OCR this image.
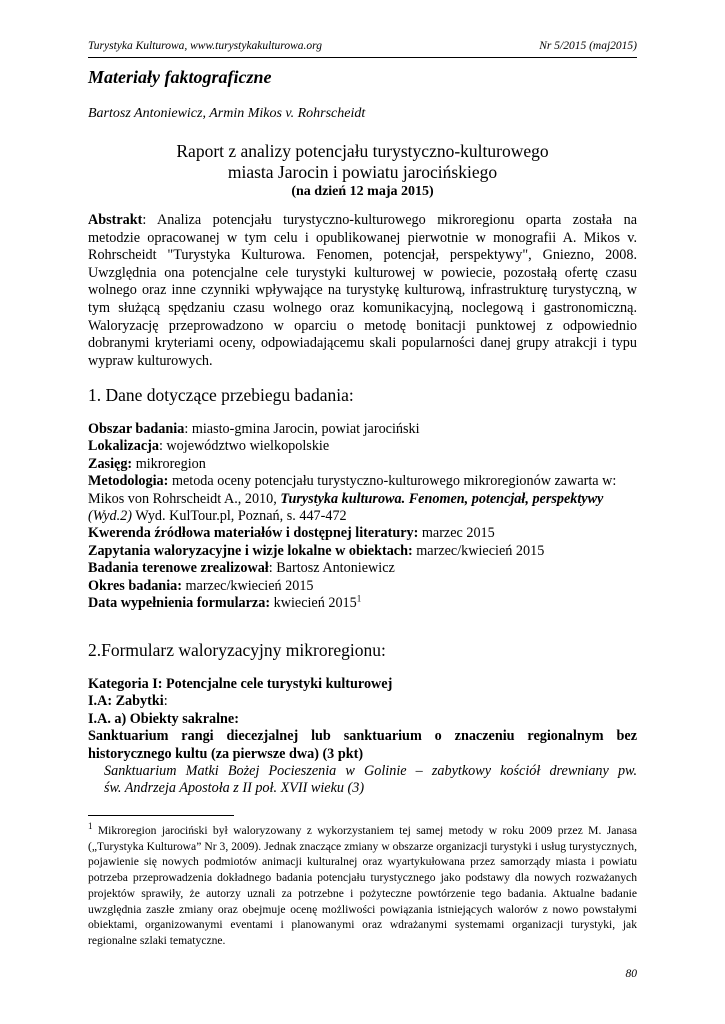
Turystyka Kulturowa, www.turystykakulturowa.org	Nr 5/2015 (maj2015)
Materiały faktograficzne

Bartosz Antoniewicz, Armin Mikos v. Rohrscheidt

Raport z analizy potencjału turystyczno-kulturowego
miasta Jarocin i powiatu jarocińskiego
(na dzień 12 maja 2015)

Abstrakt: Analiza potencjału turystyczno-kulturowego mikroregionu oparta została na metodzie opracowanej w tym celu i opublikowanej pierwotnie w monografii A. Mikos v. Rohrscheidt "Turystyka Kulturowa. Fenomen, potencjał, perspektywy", Gniezno, 2008. Uwzględnia ona potencjalne cele turystyki kulturowej w powiecie, pozostałą ofertę czasu wolnego oraz inne czynniki wpływające na turystykę kulturową, infrastrukturę turystyczną, w tym służącą spędzaniu czasu wolnego oraz komunikacyjną, noclegową i gastronomiczną. Waloryzację przeprowadzono w oparciu o metodę bonitacji punktowej z odpowiednio dobranymi kryteriami oceny, odpowiadającemu skali popularności danej grupy atrakcji i typu wypraw kulturowych.

1. Dane dotyczące przebiegu badania:
Obszar badania: miasto-gmina Jarocin, powiat jarociński
Lokalizacja: województwo wielkopolskie
Zasięg: mikroregion
Metodologia: metoda oceny potencjału turystyczno-kulturowego mikroregionów zawarta w:
Mikos von Rohrscheidt A., 2010, Turystyka kulturowa. Fenomen, potencjał, perspektywy
(Wyd.2) Wyd. KulTour.pl, Poznań, s. 447-472
Kwerenda źródłowa materiałów i dostępnej literatury: marzec 2015
Zapytania waloryzacyjne i wizje lokalne w obiektach: marzec/kwiecień 2015
Badania terenowe zrealizował: Bartosz Antoniewicz
Okres badania: marzec/kwiecień 2015
Data wypełnienia formularza: kwiecień 2015$^1$
2.Formularz waloryzacyjny mikroregionu:
Kategoria I: Potencjalne cele turystyki kulturowej
I.A: Zabytki:
I.A. a) Obiekty sakralne:
Sanktuarium rangi diecezjalnej lub sanktuarium o znaczeniu regionalnym bez
historycznego kultu (za pierwsze dwa) (3 pkt)
Sanktuarium Matki Bożej Pocieszenia w Golinie – zabytkowy kościół drewniany pw.
św. Andrzeja Apostoła z II poł. XVII wieku (3)

$^1$ Mikroregion jarociński był waloryzowany z wykorzystaniem tej samej metody w roku 2009 przez M. Janasa („Turystyka Kulturowa” Nr 3, 2009). Jednak znaczące zmiany w obszarze organizacji turystyki i usług turystycznych, pojawienie się nowych podmiotów animacji kulturalnej oraz wyartykułowana przez samorządy miasta i powiatu potrzeba przeprowadzenia dokładnego badania potencjału turystycznego jako podstawy dla nowych rozważanych projektów sprawiły, że autorzy uznali za potrzebne i pożyteczne powtórzenie tego badania. Aktualne badanie uwzględnia zaszłe zmiany oraz obejmuje ocenę możliwości powiązania istniejących walorów z nowo powstałymi obiektami, organizowanymi eventami i planowanymi oraz wdrażanymi systemami organizacji turystyki, jak regionalne szlaki tematyczne.

80
